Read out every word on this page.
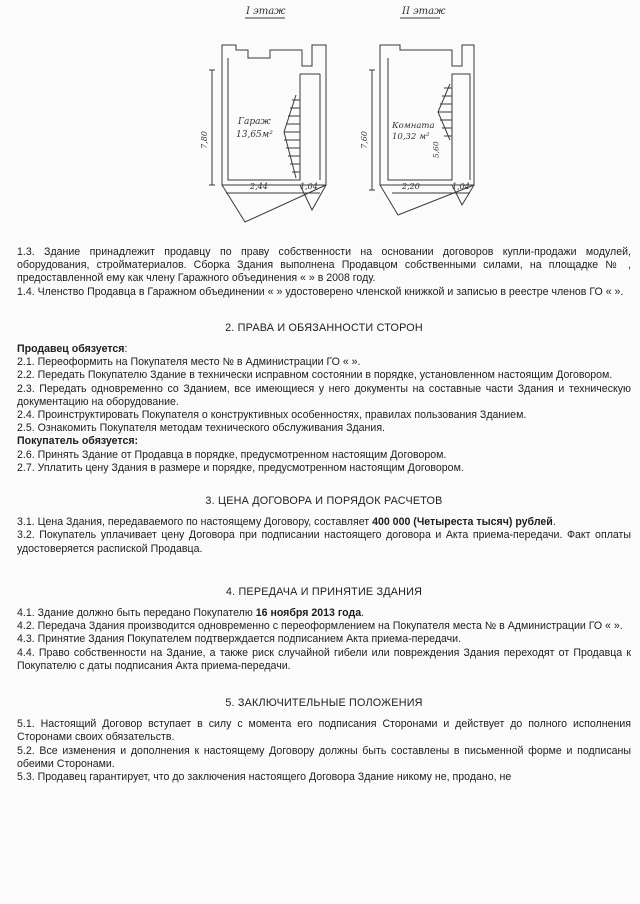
I этаж	II этаж
Гараж
13,65м²
Комната
10,32 м²
7,80
2,44	1,04
7,60
5,60
2,20	1,04

1.3. Здание принадлежит продавцу по праву собственности на основании договоров купли-продажи модулей, оборудования, стройматериалов. Сборка Здания выполнена Продавцом собственными силами, на площадке № , предоставленной ему как члену Гаражного объединения « » в 2008 году.

1.4. Членство Продавца в Гаражном объединении « » удостоверено членской книжкой и записью в реестре членов ГО « ».

2. ПРАВА И ОБЯЗАННОСТИ СТОРОН

Продавец обязуется:

2.1. Переоформить на Покупателя место № в Администрации ГО « ».

2.2. Передать Покупателю Здание в технически исправном состоянии в порядке, установленном настоящим Договором.

2.3. Передать одновременно со Зданием, все имеющиеся у него документы на составные части Здания и техническую документацию на оборудование.

2.4. Проинструктировать Покупателя о конструктивных особенностях, правилах пользования Зданием.

2.5. Ознакомить Покупателя методам технического обслуживания Здания.

Покупатель обязуется:

2.6. Принять Здание от Продавца в порядке, предусмотренном настоящим Договором.

2.7. Уплатить цену Здания в размере и порядке, предусмотренном настоящим Договором.

3. ЦЕНА ДОГОВОРА И ПОРЯДОК РАСЧЕТОВ

3.1. Цена Здания, передаваемого по настоящему Договору, составляет 400 000 (Четыреста тысяч) рублей.

3.2. Покупатель уплачивает цену Договора при подписании настоящего договора и Акта приема-передачи. Факт оплаты удостоверяется распиской Продавца.

4. ПЕРЕДАЧА И ПРИНЯТИЕ ЗДАНИЯ

4.1. Здание должно быть передано Покупателю 16 ноября 2013 года.

4.2. Передача Здания производится одновременно с переоформлением на Покупателя места № в Администрации ГО « ».

4.3. Принятие Здания Покупателем подтверждается подписанием Акта приема-передачи.

4.4. Право собственности на Здание, а также риск случайной гибели или повреждения Здания переходят от Продавца к Покупателю с даты подписания Акта приема-передачи.

5. ЗАКЛЮЧИТЕЛЬНЫЕ ПОЛОЖЕНИЯ

5.1. Настоящий Договор вступает в силу с момента его подписания Сторонами и действует до полного исполнения Сторонами своих обязательств.

5.2. Все изменения и дополнения к настоящему Договору должны быть составлены в письменной форме и подписаны обеими Сторонами.

5.3. Продавец гарантирует, что до заключения настоящего Договора Здание никому не, продано, не
